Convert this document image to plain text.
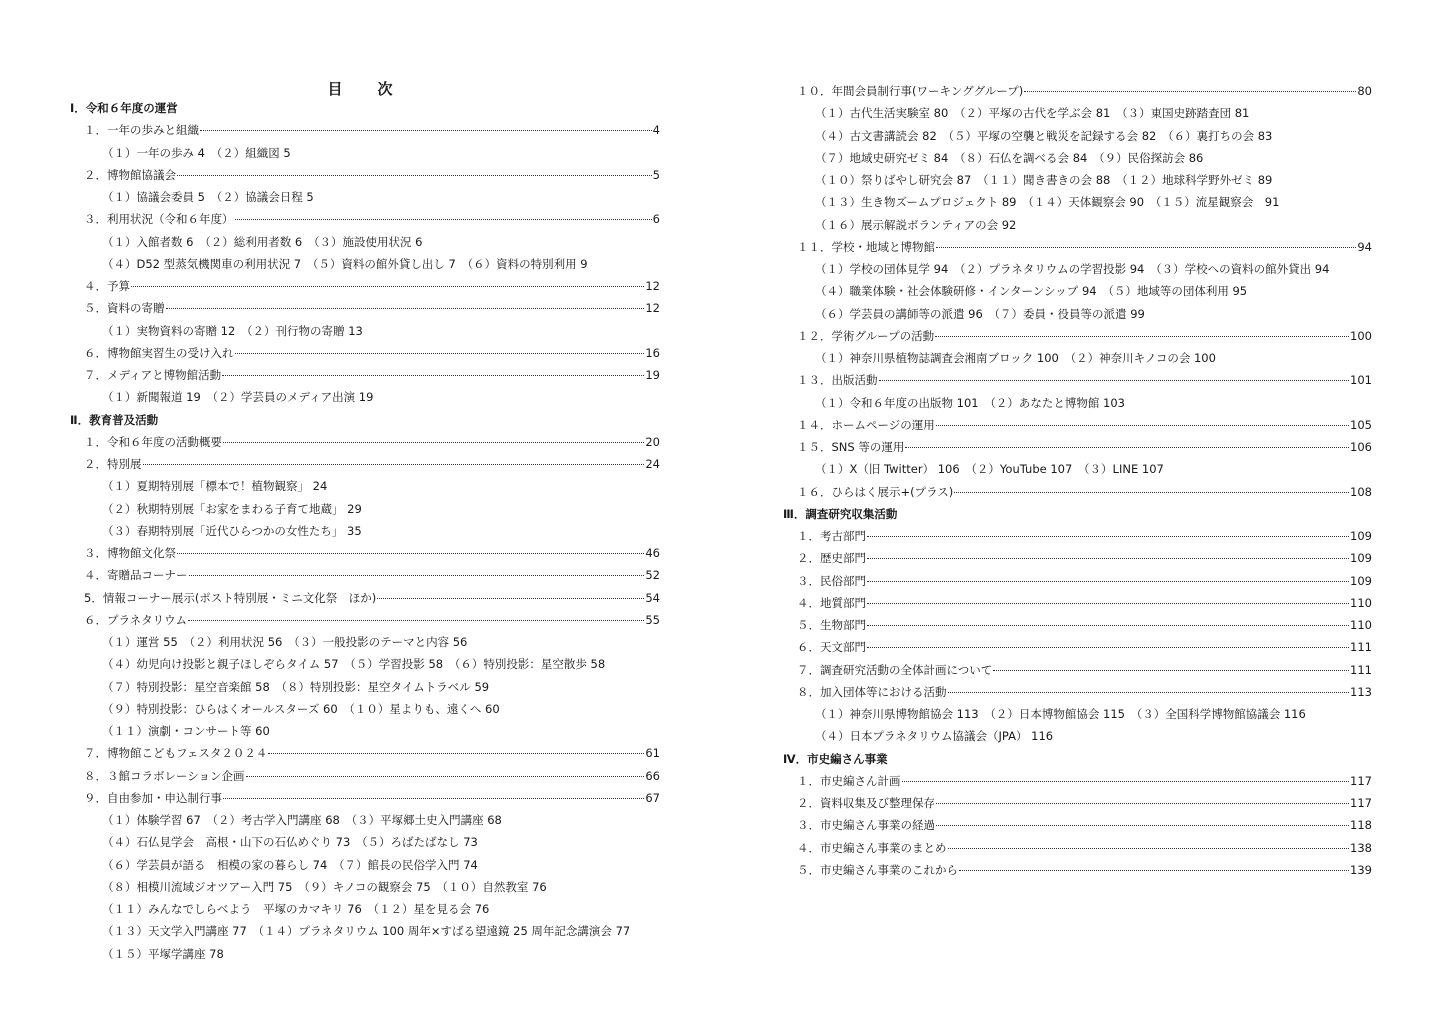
目　次
Ⅰ．令和６年度の運営
１．一年の歩みと組織	4
（１）一年の歩み 4　（２）組織図 5
２．博物館協議会	5
（１）協議会委員 5　（２）協議会日程 5
３．利用状況（令和６年度）	6
（１）入館者数 6　（２）総利用者数 6　（３）施設使用状況 6
（４）D52 型蒸気機関車の利用状況 7　（５）資料の館外貸し出し 7　（６）資料の特別利用 9
４．予算	12
５．資料の寄贈	12
（１）実物資料の寄贈 12　（２）刊行物の寄贈 13
６．博物館実習生の受け入れ	16
７．メディアと博物館活動	19
（１）新聞報道 19　（２）学芸員のメディア出演 19
Ⅱ．教育普及活動
１．令和６年度の活動概要	20
２．特別展	24
（１）夏期特別展「標本で！植物観察」 24
（２）秋期特別展「お家をまわる子育て地蔵」 29
（３）春期特別展「近代ひらつかの女性たち」 35
３．博物館文化祭	46
４．寄贈品コーナー	52
5．情報コーナー展示(ポスト特別展・ミニ文化祭　ほか)	54
６．プラネタリウム	55
（１）運営 55　（２）利用状況 56　（３）一般投影のテーマと内容 56
（４）幼児向け投影と親子ほしぞらタイム 57　（５）学習投影 58　（６）特別投影：星空散歩 58
（７）特別投影：星空音楽館 58　（８）特別投影：星空タイムトラベル 59
（９）特別投影：ひらはくオールスターズ 60　（１０）星よりも、遠くへ 60
（１１）演劇・コンサート等 60
７．博物館こどもフェスタ２０２４	61
８．３館コラボレーション企画	66
９．自由参加・申込制行事	67
（１）体験学習 67　（２）考古学入門講座 68　（３）平塚郷土史入門講座 68
（４）石仏見学会　高根・山下の石仏めぐり 73　（５）ろばたばなし 73
（６）学芸員が語る　相模の家の暮らし 74　（７）館長の民俗学入門 74
（８）相模川流域ジオツアー入門 75　（９）キノコの観察会 75　（１０）自然教室 76
（１１）みんなでしらべよう　平塚のカマキリ 76　（１２）星を見る会 76
（１３）天文学入門講座 77　（１４）プラネタリウム 100 周年×すばる望遠鏡 25 周年記念講演会 77
（１５）平塚学講座 78
１０．年間会員制行事(ワーキンググループ)	80
（１）古代生活実験室 80　（２）平塚の古代を学ぶ会 81　（３）東国史跡踏査団 81
（４）古文書講読会 82　（５）平塚の空襲と戦災を記録する会 82　（６）裏打ちの会 83
（７）地域史研究ゼミ 84　（８）石仏を調べる会 84　（９）民俗探訪会 86
（１０）祭りばやし研究会 87　（１１）聞き書きの会 88　（１２）地球科学野外ゼミ 89
（１３）生き物ズームプロジェクト 89　（１４）天体観察会 90　（１５）流星観察会　91
（１６）展示解説ボランティアの会 92
１１．学校・地域と博物館	94
（１）学校の団体見学 94　（２）プラネタリウムの学習投影 94　（３）学校への資料の館外貸出 94
（４）職業体験・社会体験研修・インターンシップ 94　（５）地域等の団体利用 95
（６）学芸員の講師等の派遣 96　（７）委員・役員等の派遣 99
１２．学術グループの活動	100
（１）神奈川県植物誌調査会湘南ブロック 100　（２）神奈川キノコの会 100
１３．出版活動	101
（１）令和６年度の出版物 101　（２）あなたと博物館 103
１４．ホームページの運用	105
１５．SNS 等の運用	106
（１）X（旧 Twitter） 106　（２）YouTube 107　（３）LINE 107
１６．ひらはく展示+(プラス)	108
Ⅲ．調査研究収集活動
１．考古部門	109
２．歴史部門	109
３．民俗部門	109
４．地質部門	110
５．生物部門	110
６．天文部門	111
７．調査研究活動の全体計画について	111
８．加入団体等における活動	113
（１）神奈川県博物館協会 113　（２）日本博物館協会 115　（３）全国科学博物館協議会 116
（４）日本プラネタリウム協議会（JPA） 116
Ⅳ．市史編さん事業
１．市史編さん計画	117
２．資料収集及び整理保存	117
３．市史編さん事業の経過	118
４．市史編さん事業のまとめ	138
５．市史編さん事業のこれから	139
